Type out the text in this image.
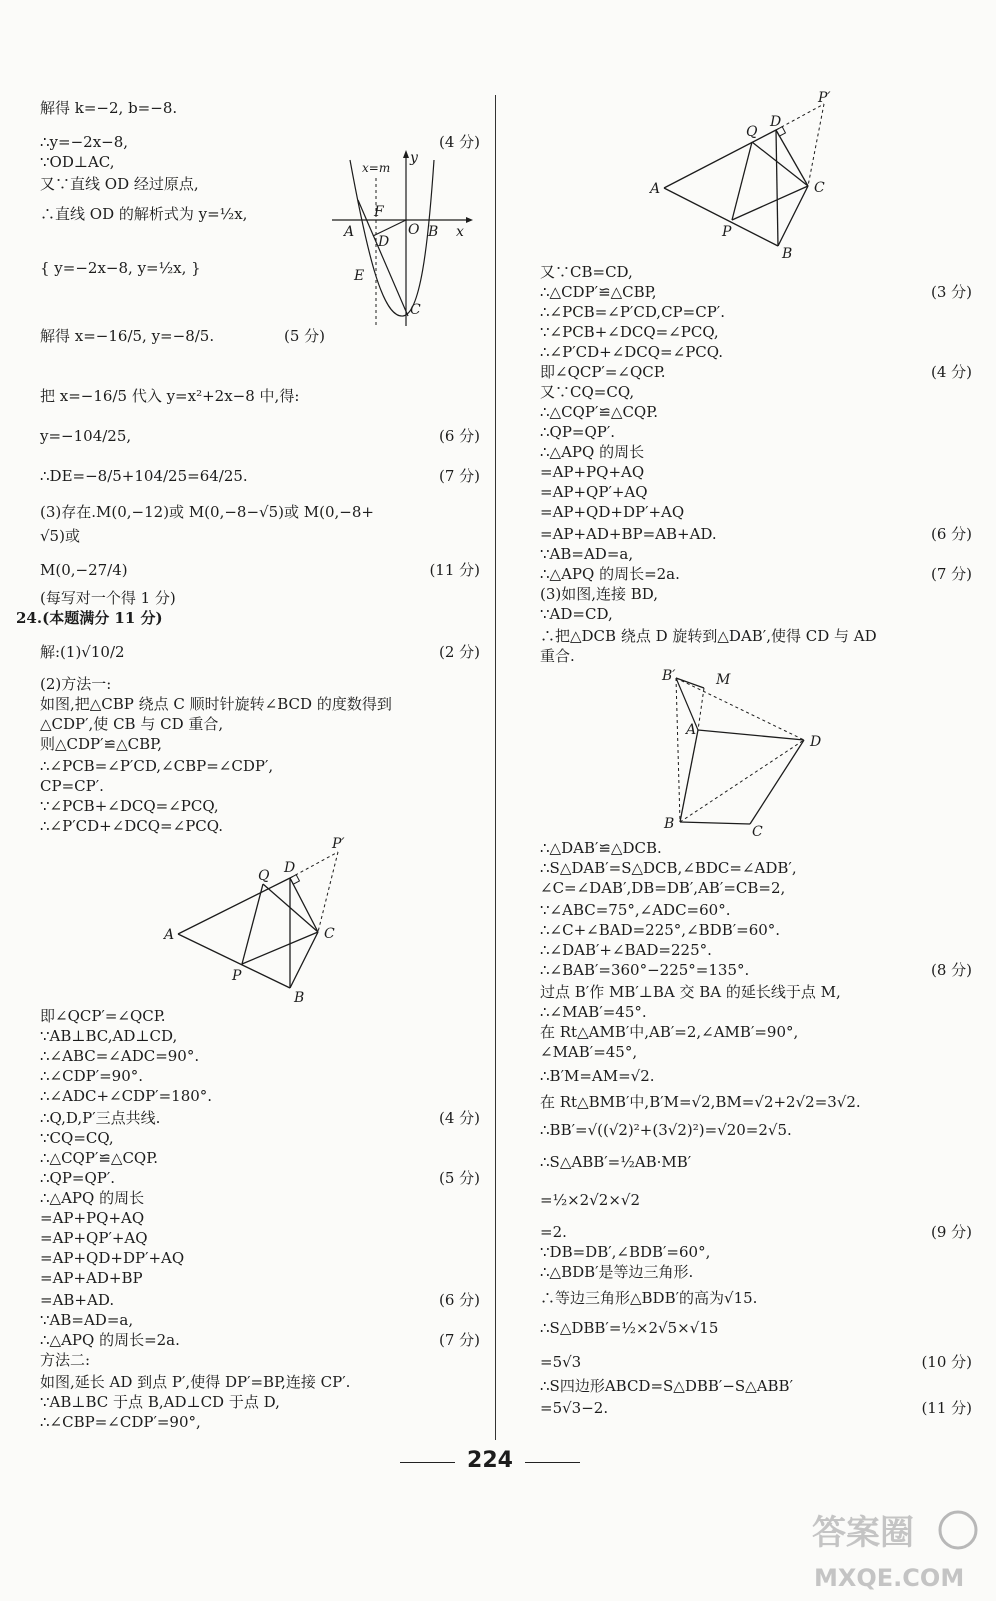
解得 k=−2, b=−8.
∴y=−2x−8,	(4 分)
∵OD⊥AC,
又∵直线 OD 经过原点,
∴直线 OD 的解析式为 y=½x,
{ y=−2x−8, y=½x, }
解得 x=−16/5, y=−8/5.	(5 分)
把 x=−16/5 代入 y=x²+2x−8 中,得:
y=−104/25,	(6 分)
∴DE=−8/5+104/25=64/25.	(7 分)
(3)存在.M(0,−12)或 M(0,−8−√5)或 M(0,−8+
√5)或
M(0,−27/4)	(11 分)
(每写对一个得 1 分)
24.(本题满分 11 分)
解:(1)√10/2	(2 分)
(2)方法一:
如图,把△CBP 绕点 C 顺时针旋转∠BCD 的度数得到
△CDP′,使 CB 与 CD 重合,
则△CDP′≌△CBP,
∴∠PCB=∠P′CD,∠CBP=∠CDP′,
CP=CP′.
∵∠PCB+∠DCQ=∠PCQ,
∴∠P′CD+∠DCQ=∠PCQ.
即∠QCP′=∠QCP.
∵AB⊥BC,AD⊥CD,
∴∠ABC=∠ADC=90°.
∴∠CDP′=90°.
∴∠ADC+∠CDP′=180°.
∴Q,D,P′三点共线.	(4 分)
∵CQ=CQ,
∴△CQP′≌△CQP.
∴QP=QP′.	(5 分)
∴△APQ 的周长
=AP+PQ+AQ
=AP+QP′+AQ
=AP+QD+DP′+AQ
=AP+AD+BP
=AB+AD.	(6 分)
∵AB=AD=a,
∴△APQ 的周长=2a.	(7 分)
方法二:
如图,延长 AD 到点 P′,使得 DP′=BP,连接 CP′.
∵AB⊥BC 于点 B,AD⊥CD 于点 D,
∴∠CBP=∠CDP′=90°,
x=m
y
x
A	B
O
F
D
E
C
A
Q D
P′
C
P
B
又∵CB=CD,
∴△CDP′≌△CBP,	(3 分)
∴∠PCB=∠P′CD,CP=CP′.
∵∠PCB+∠DCQ=∠PCQ,
∴∠P′CD+∠DCQ=∠PCQ.
即∠QCP′=∠QCP.	(4 分)
又∵CQ=CQ,
∴△CQP′≌△CQP.
∴QP=QP′.
∴△APQ 的周长
=AP+PQ+AQ
=AP+QP′+AQ
=AP+QD+DP′+AQ
=AP+AD+BP=AB+AD.	(6 分)
∵AB=AD=a,
∴△APQ 的周长=2a.	(7 分)
(3)如图,连接 BD,
∵AD=CD,
∴把△DCB 绕点 D 旋转到△DAB′,使得 CD 与 AD
重合.
∴△DAB′≌△DCB.
∴S△DAB′=S△DCB,∠BDC=∠ADB′,
∠C=∠DAB′,DB=DB′,AB′=CB=2,
∵∠ABC=75°,∠ADC=60°.
∴∠C+∠BAD=225°,∠BDB′=60°.
∴∠DAB′+∠BAD=225°.
∴∠BAB′=360°−225°=135°.	(8 分)
过点 B′作 MB′⊥BA 交 BA 的延长线于点 M,
∴∠MAB′=45°.
在 Rt△AMB′中,AB′=2,∠AMB′=90°,
∠MAB′=45°,
∴B′M=AM=√2.
在 Rt△BMB′中,B′M=√2,BM=√2+2√2=3√2.
∴BB′=√((√2)²+(3√2)²)=√20=2√5.
∴S△ABB′=½AB·MB′
=½×2√2×√2
=2.	(9 分)
∵DB=DB′,∠BDB′=60°,
∴△BDB′是等边三角形.
∴等边三角形△BDB′的高为√15.
∴S△DBB′=½×2√5×√15
=5√3	(10 分)
∴S四边形ABCD=S△DBB′−S△ABB′
=5√3−2.	(11 分)
A
Q
D
P′
C
P
B
B′	M
A
D
B	C
224
答案圈
MXQE.COM
